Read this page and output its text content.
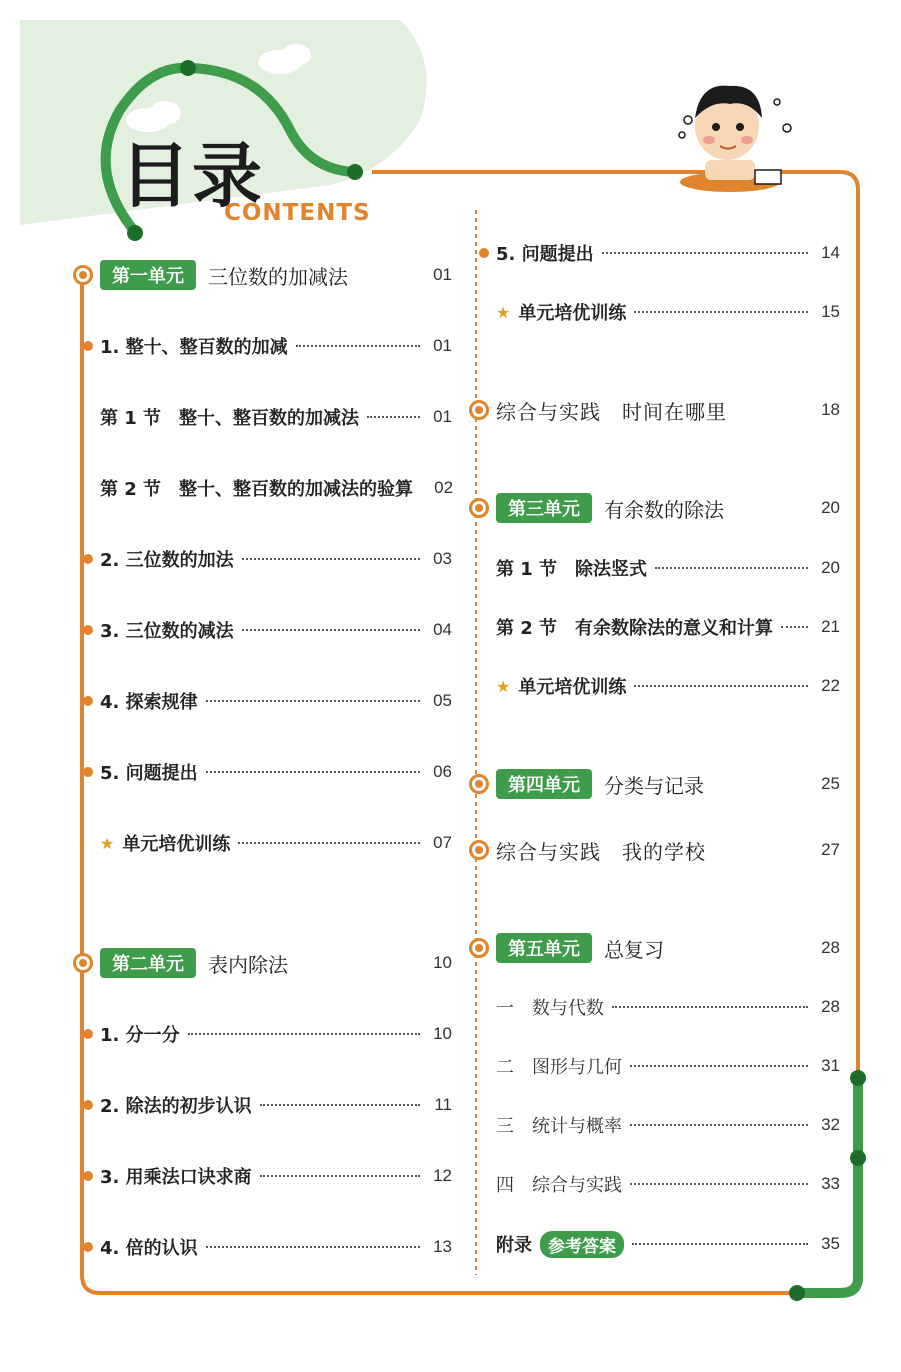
目录
CONTENTS
第一单元	三位数的加减法	01
1. 整十、整百数的加减	01
第 1 节　整十、整百数的加减法	01
第 2 节　整十、整百数的加减法的验算 02
2. 三位数的加法	03
3. 三位数的减法	04
4. 探索规律	05
5. 问题提出	06
★ 单元培优训练	07
第二单元	表内除法	10
1. 分一分	10
2. 除法的初步认识	11
3. 用乘法口诀求商	12
4. 倍的认识	13
5. 问题提出	14
★ 单元培优训练	15
综合与实践　时间在哪里	18
第三单元	有余数的除法	20
第 1 节　除法竖式	20
第 2 节　有余数除法的意义和计算	21
★ 单元培优训练	22
第四单元	分类与记录	25
综合与实践　我的学校	27
第五单元	总复习	28
一　数与代数	28
二　图形与几何	31
三　统计与概率	32
四　综合与实践	33
附录 参考答案	35
